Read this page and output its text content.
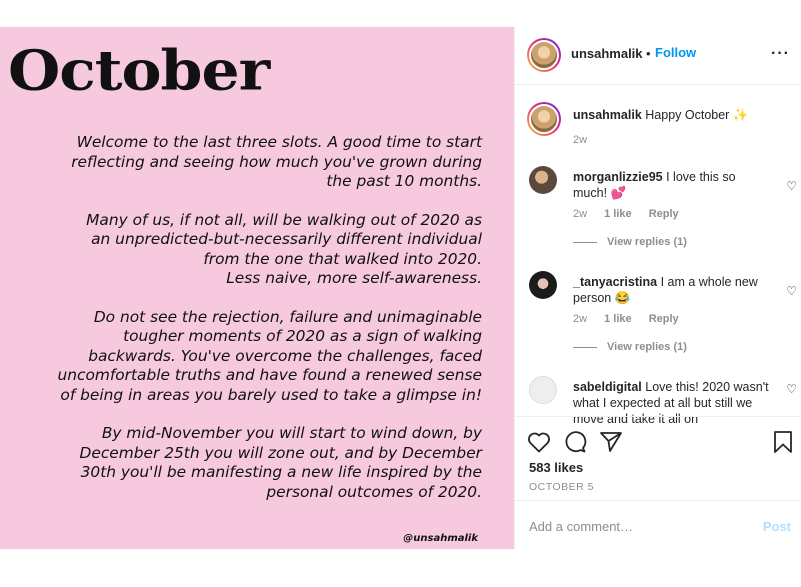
October

Welcome to the last three slots. A good time to start
reflecting and seeing how much you've grown during
the past 10 months.

Many of us, if not all, will be walking out of 2020 as
an unpredicted-but-necessarily different individual
from the one that walked into 2020.
Less naive, more self-awareness.

Do not see the rejection, failure and unimaginable
tougher moments of 2020 as a sign of walking
backwards. You've overcome the challenges, faced
uncomfortable truths and have found a renewed sense
of being in areas you barely used to take a glimpse in!

By mid-November you will start to wind down, by
December 25th you will zone out, and by December
30th you'll be manifesting a new life inspired by the
personal outcomes of 2020.

@unsahmalik
unsahmalik • Follow	···
unsahmalik Happy October ✨
2w
morganlizzie95 I love this so much! 💕	♡
2w 1 like Reply
View replies (1)
_tanyacristina I am a whole new person 😂	♡
2w 1 like Reply
View replies (1)
sabeldigital Love this! 2020 wasn't what I expected at all but still we move and take it all on
♡
583 likes
OCTOBER 5
Add a comment…	Post
